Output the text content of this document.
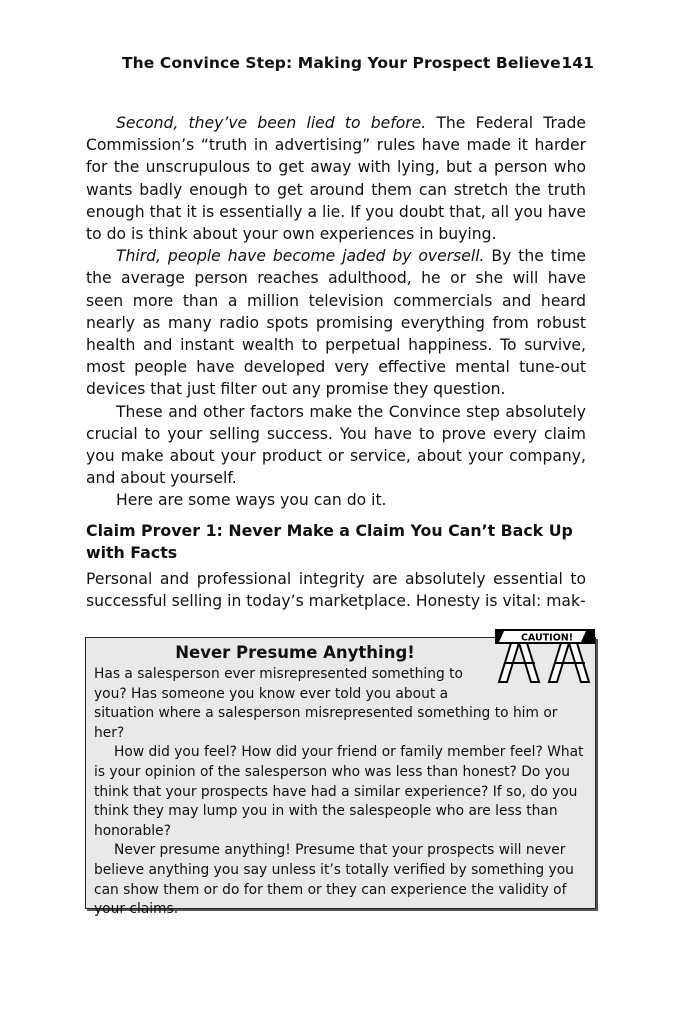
The Convince Step: Making Your Prospect Believe 141

Second, they’ve been lied to before. The Federal Trade Commission’s “truth in advertising” rules have made it harder for the unscrupulous to get away with lying, but a person who wants badly enough to get around them can stretch the truth enough that it is essentially a lie. If you doubt that, all you have to do is think about your own experiences in buying.

Third, people have become jaded by oversell. By the time the average person reaches adulthood, he or she will have seen more than a million television commercials and heard nearly as many radio spots promising everything from robust health and instant wealth to perpetual happiness. To survive, most people have developed very effective mental tune-out devices that just filter out any promise they question.

These and other factors make the Convince step absolutely crucial to your selling success. You have to prove every claim you make about your product or service, about your company, and about yourself.

Here are some ways you can do it.

Claim Prover 1: Never Make a Claim You Can’t Back Up with Facts

Personal and professional integrity are absolutely essential to successful selling in today’s marketplace. Honesty is vital: mak-

CAUTION!
Never Presume Anything!

Has a salesperson ever misrepresented something to you? Has someone you know ever told you about a situation where a salesperson misrepresented something to him or her?

How did you feel? How did your friend or family member feel? What is your opinion of the salesperson who was less than honest? Do you think that your prospects have had a similar experience? If so, do you think they may lump you in with the salespeople who are less than honorable?

Never presume anything! Presume that your prospects will never believe anything you say unless it’s totally verified by something you can show them or do for them or they can experience the validity of your claims.
